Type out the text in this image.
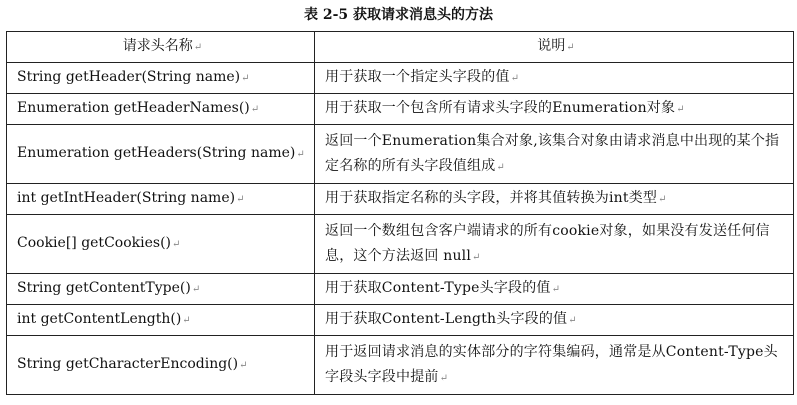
表 2-5 获取请求消息头的方法
请求头名称↵	说明↵
String getHeader(String name)↵	用于获取一个指定头字段的值↵
Enumeration getHeaderNames()↵	用于获取一个包含所有请求头字段的Enumeration对象↵
Enumeration getHeaders(String name)↵	返回一个Enumeration集合对象,该集合对象由请求消息中出现的某个指定名称的所有头字段值组成↵
int getIntHeader(String name)↵	用于获取指定名称的头字段，并将其值转换为int类型↵
Cookie[] getCookies()↵	返回一个数组包含客户端请求的所有cookie对象，如果没有发送任何信息，这个方法返回 null↵
String getContentType()↵	用于获取Content-Type头字段的值↵
int getContentLength()↵	用于获取Content-Length头字段的值↵
String getCharacterEncoding()↵	用于返回请求消息的实体部分的字符集编码，通常是从Content-Type头字段头字段中提前↵
